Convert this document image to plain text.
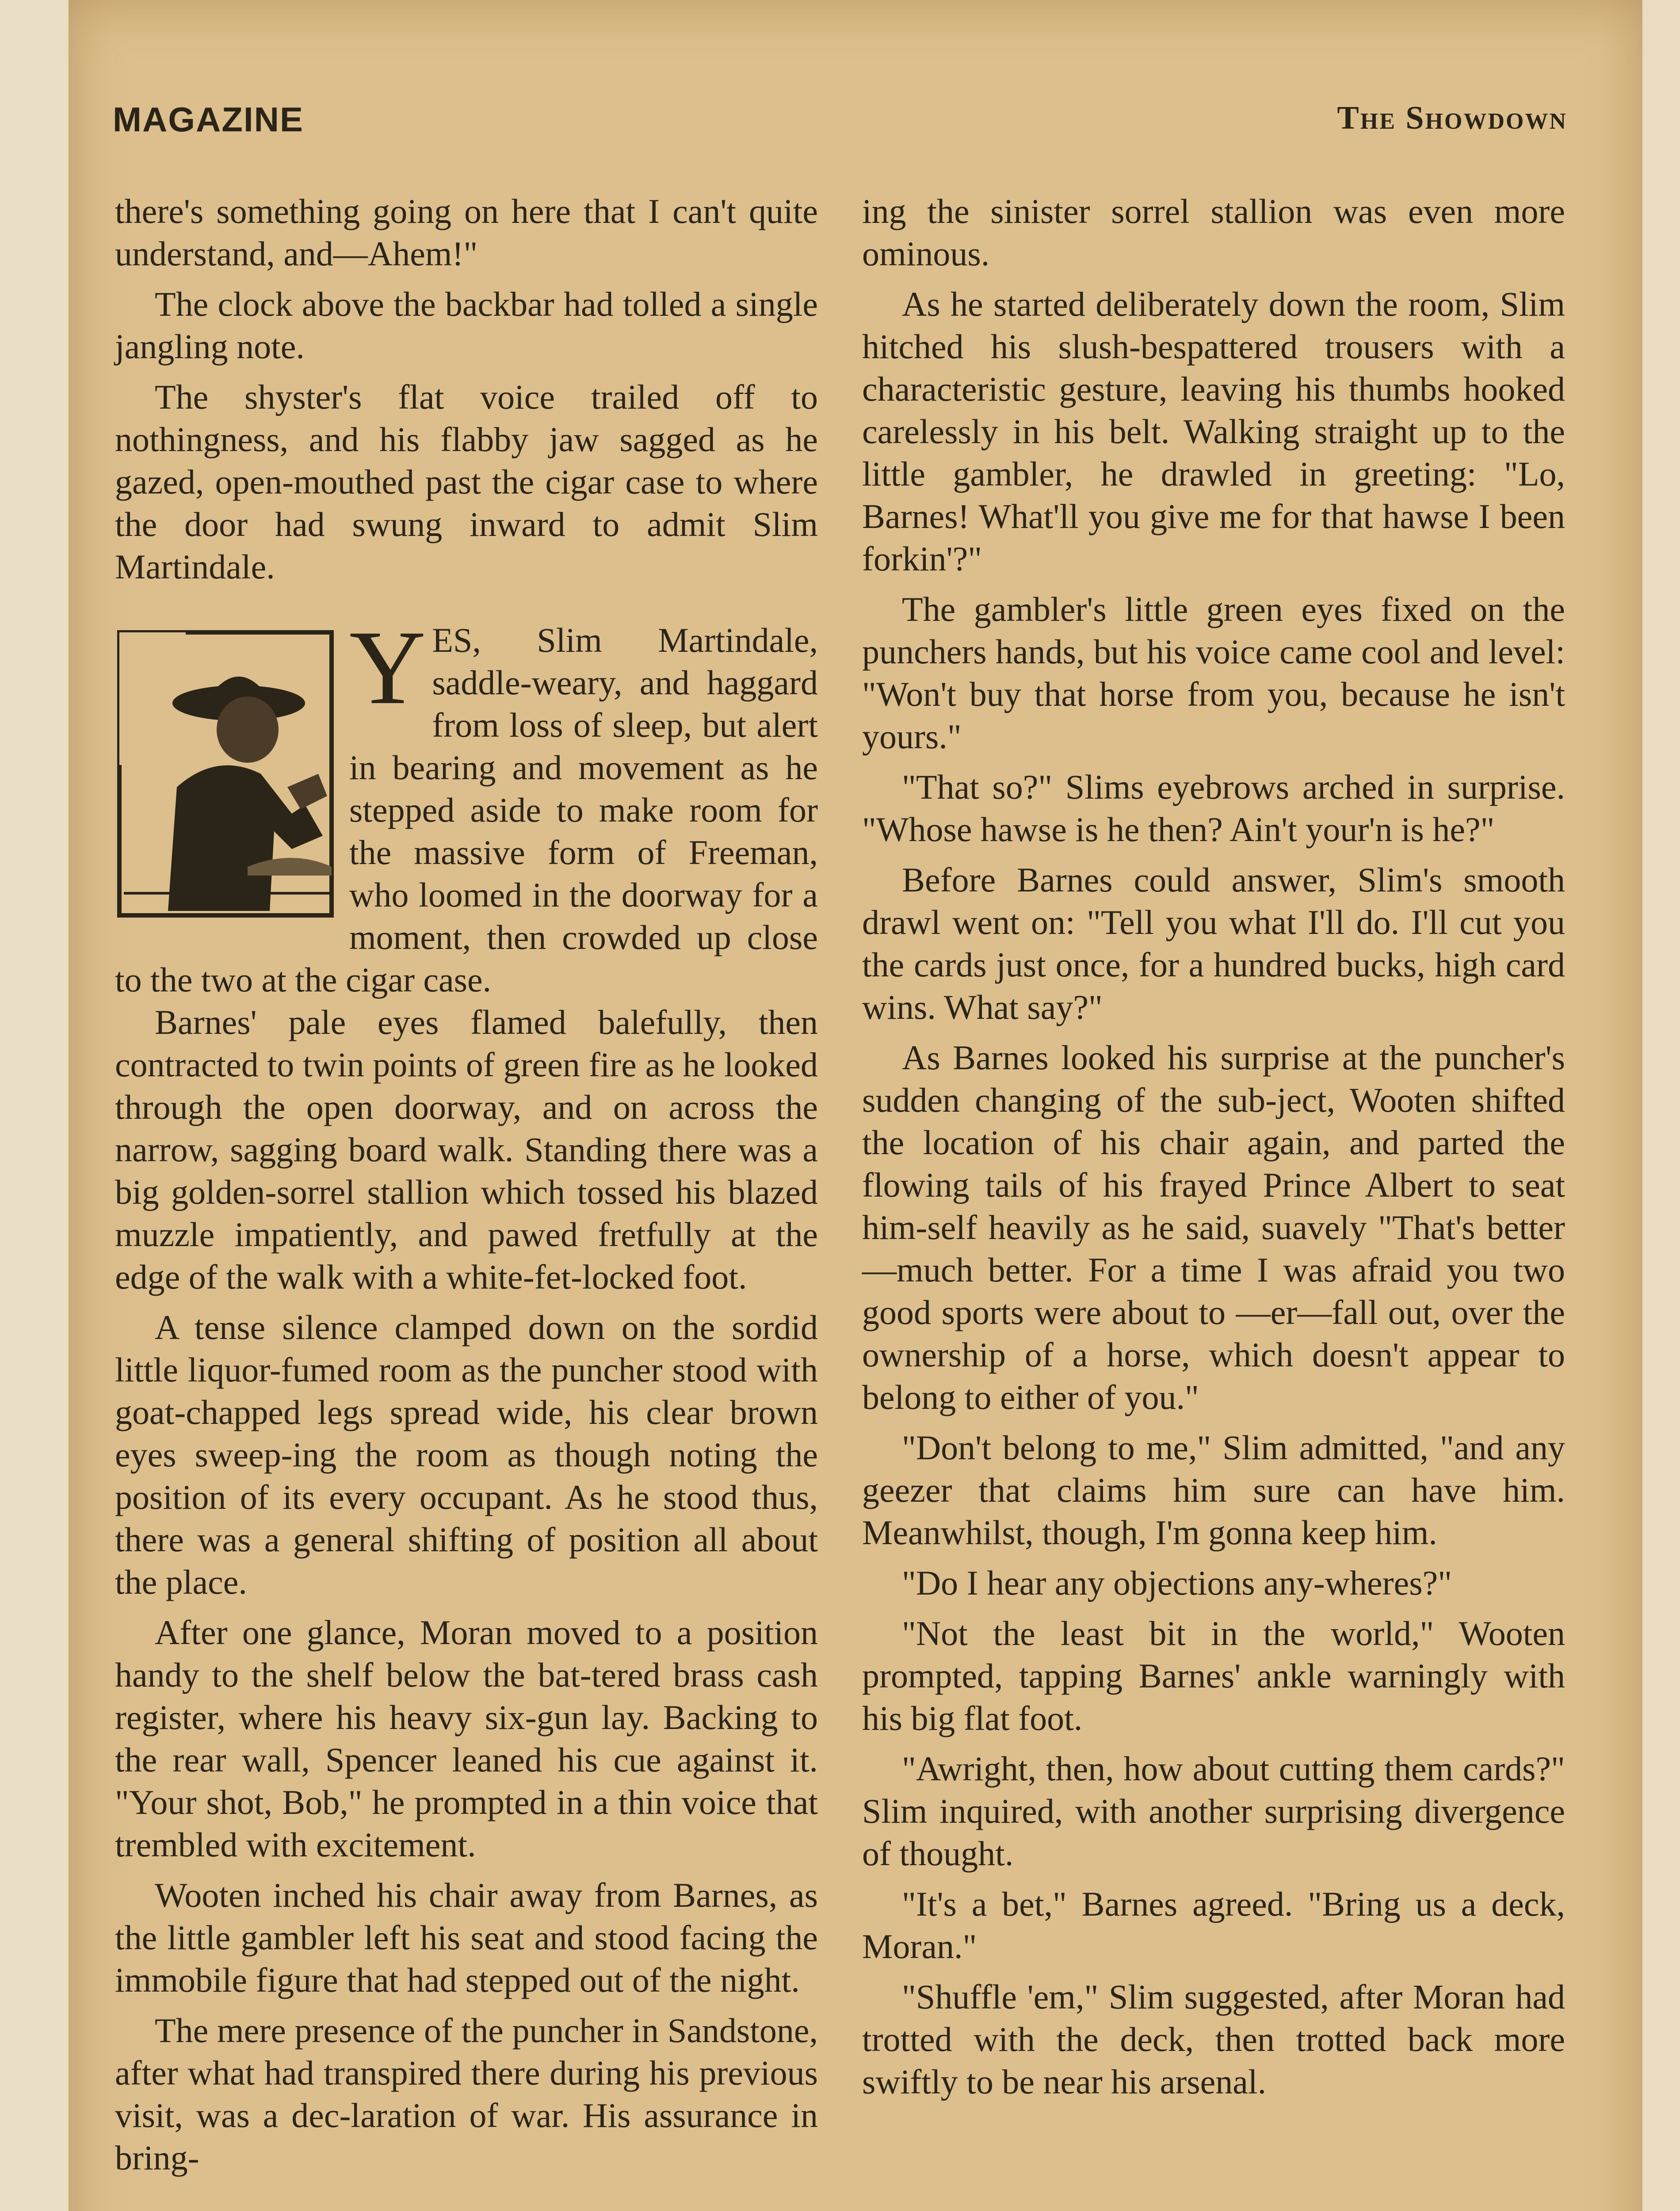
MAGAZINE	The Showdown

there's something going on here that I can't quite understand, and—Ahem!"

The clock above the backbar had tolled a single jangling note.

The shyster's flat voice trailed off to nothingness, and his flabby jaw sagged as he gazed, open-mouthed past the cigar case to where the door had swung inward to admit Slim Martindale.

Y ES, Slim Martindale, saddle-weary, and haggard from loss of sleep, but alert in bearing and movement as he stepped aside to make room for the massive form of Freeman, who loomed in the doorway for a moment, then crowded up close to the two at the cigar case.

Barnes' pale eyes flamed balefully, then contracted to twin points of green fire as he looked through the open doorway, and on across the narrow, sagging board walk. Standing there was a big golden-sorrel stallion which tossed his blazed muzzle impatiently, and pawed fretfully at the edge of the walk with a white-fet-locked foot.

A tense silence clamped down on the sordid little liquor-fumed room as the puncher stood with goat-chapped legs spread wide, his clear brown eyes sweep-ing the room as though noting the position of its every occupant. As he stood thus, there was a general shifting of position all about the place.

After one glance, Moran moved to a position handy to the shelf below the bat-tered brass cash register, where his heavy six-gun lay. Backing to the rear wall, Spencer leaned his cue against it. "Your shot, Bob," he prompted in a thin voice that trembled with excitement.

Wooten inched his chair away from Barnes, as the little gambler left his seat and stood facing the immobile figure that had stepped out of the night.

The mere presence of the puncher in Sandstone, after what had transpired there during his previous visit, was a dec-laration of war. His assurance in bring-

ing the sinister sorrel stallion was even more ominous.

As he started deliberately down the room, Slim hitched his slush-bespattered trousers with a characteristic gesture, leaving his thumbs hooked carelessly in his belt. Walking straight up to the little gambler, he drawled in greeting: "Lo, Barnes! What'll you give me for that hawse I been forkin'?"

The gambler's little green eyes fixed on the punchers hands, but his voice came cool and level: "Won't buy that horse from you, because he isn't yours."

"That so?" Slims eyebrows arched in surprise. "Whose hawse is he then? Ain't your'n is he?"

Before Barnes could answer, Slim's smooth drawl went on: "Tell you what I'll do. I'll cut you the cards just once, for a hundred bucks, high card wins. What say?"

As Barnes looked his surprise at the puncher's sudden changing of the sub-ject, Wooten shifted the location of his chair again, and parted the flowing tails of his frayed Prince Albert to seat him-self heavily as he said, suavely "That's better—much better. For a time I was afraid you two good sports were about to —er—fall out, over the ownership of a horse, which doesn't appear to belong to either of you."

"Don't belong to me," Slim admitted, "and any geezer that claims him sure can have him. Meanwhilst, though, I'm gonna keep him.

"Do I hear any objections any-wheres?"

"Not the least bit in the world," Wooten prompted, tapping Barnes' ankle warningly with his big flat foot.

"Awright, then, how about cutting them cards?" Slim inquired, with another surprising divergence of thought.

"It's a bet," Barnes agreed. "Bring us a deck, Moran."

"Shuffle 'em," Slim suggested, after Moran had trotted with the deck, then trotted back more swiftly to be near his arsenal.
